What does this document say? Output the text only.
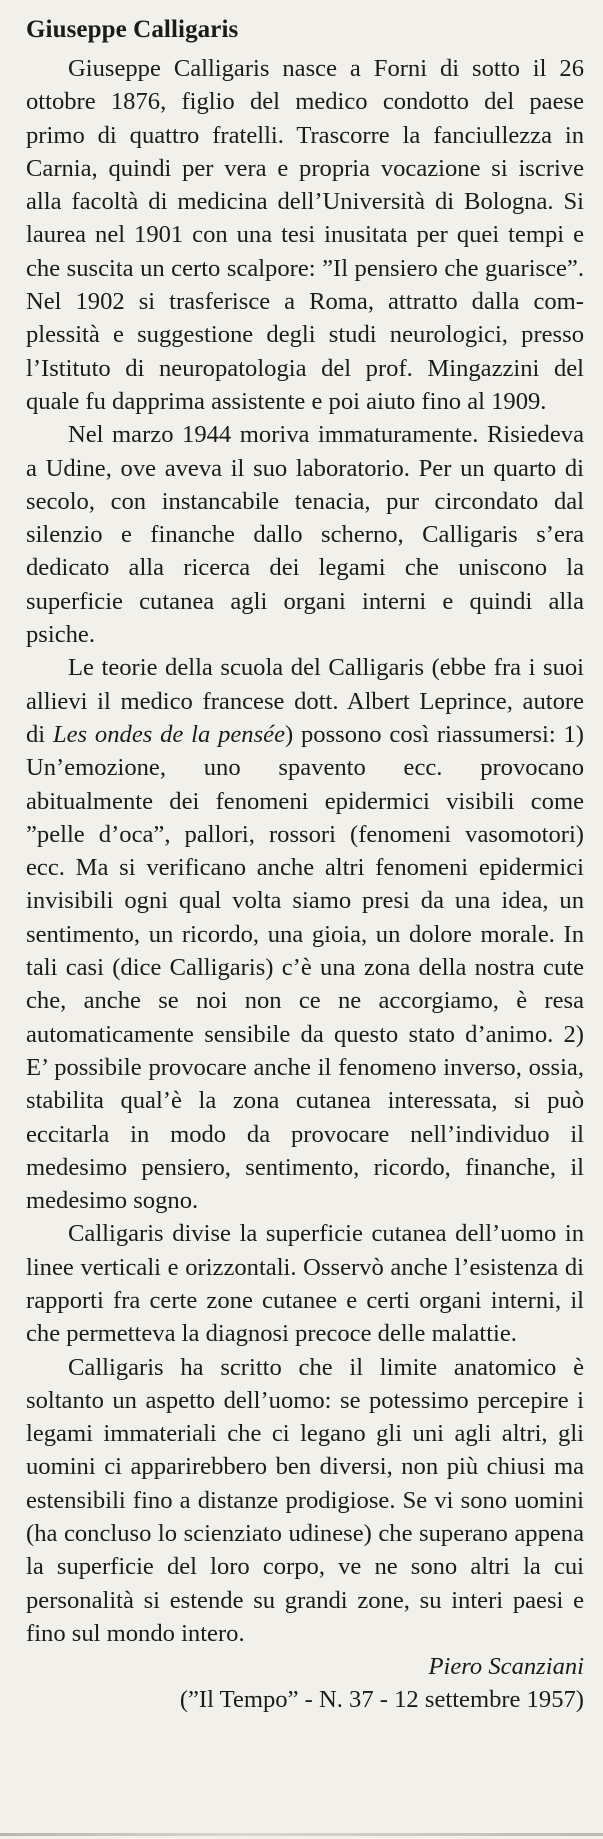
Giuseppe Calligaris

Giuseppe Calligaris nasce a Forni di sotto il 26 ottobre 1876, figlio del medico condotto del paese primo di quattro fratelli. Trascorre la fanciullezza in Carnia, quindi per vera e propria vocazione si iscrive alla facoltà di medicina dell’Università di Bologna. Si laurea nel 1901 con una tesi inusitata per quei tempi e che suscita un certo scalpore: ”Il pensiero che guarisce”. Nel 1902 si trasferisce a Roma, attratto dalla complessità e suggestione degli studi neurologici, presso l’Istituto di neuropatologia del prof. Mingazzini del quale fu dapprima assistente e poi aiuto fino al 1909.

Nel marzo 1944 moriva immaturamente. Risiedeva a Udine, ove aveva il suo laboratorio. Per un quarto di secolo, con instancabile tenacia, pur circondato dal silenzio e finanche dallo scherno, Calligaris s’era dedicato alla ricerca dei legami che uniscono la superficie cutanea agli organi interni e quindi alla psiche.

Le teorie della scuola del Calligaris (ebbe fra i suoi allievi il medico francese dott. Albert Leprince, autore di Les ondes de la pensée) possono così riassumersi: 1) Un’emozione, uno spavento ecc. provocano abitualmente dei fenomeni epidermici visibili come ”pelle d’oca”, pallori, rossori (fenomeni vasomotori) ecc. Ma si verificano anche altri fenomeni epidermici invisibili ogni qual volta siamo presi da una idea, un sentimento, un ricordo, una gioia, un dolore morale. In tali casi (dice Calligaris) c’è una zona della nostra cute che, anche se noi non ce ne accorgiamo, è resa automaticamente sensibile da questo stato d’animo. 2) E’ possibile provocare anche il fenomeno inverso, ossia, stabilita qual’è la zona cutanea interessata, si può eccitarla in modo da provocare nell’individuo il medesimo pensiero, sentimento, ricordo, finanche, il medesimo sogno.

Calligaris divise la superficie cutanea dell’uomo in linee verticali e orizzontali. Osservò anche l’esistenza di rapporti fra certe zone cutanee e certi organi interni, il che permetteva la diagnosi precoce delle malattie.

Calligaris ha scritto che il limite anatomico è soltanto un aspetto dell’uomo: se potessimo percepire i legami immateriali che ci legano gli uni agli altri, gli uomini ci apparirebbero ben diversi, non più chiusi ma estensibili fino a distanze prodigiose. Se vi sono uomini (ha concluso lo scienziato udinese) che superano appena la superficie del loro corpo, ve ne sono altri la cui personalità si estende su grandi zone, su interi paesi e fino sul mondo intero.

Piero Scanziani

(”Il Tempo” - N. 37 - 12 settembre 1957)
